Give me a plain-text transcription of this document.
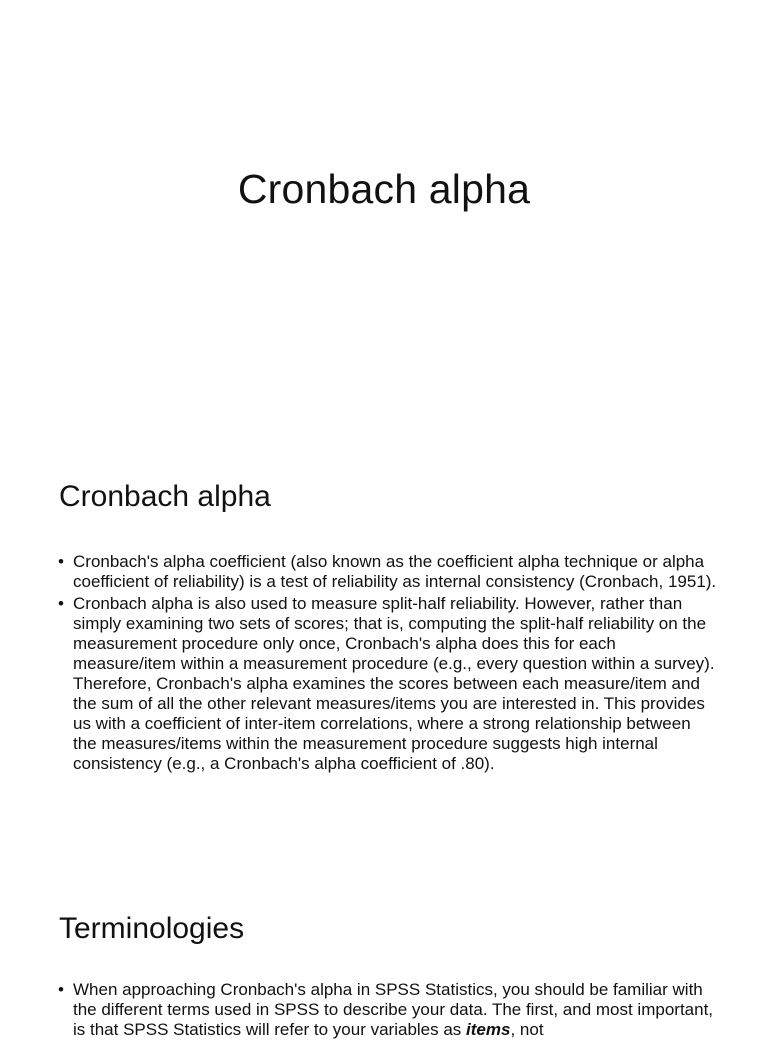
Cronbach alpha
Cronbach alpha
• Cronbach's alpha coefficient (also known as the coefficient alpha technique or alpha coefficient of reliability) is a test of reliability as internal consistency (Cronbach, 1951).
• Cronbach alpha is also used to measure split-half reliability. However, rather than simply examining two sets of scores; that is, computing the split-half reliability on the measurement procedure only once, Cronbach's alpha does this for each measure/item within a measurement procedure (e.g., every question within a survey). Therefore, Cronbach's alpha examines the scores between each measure/item and the sum of all the other relevant measures/items you are interested in. This provides us with a coefficient of inter-item correlations, where a strong relationship between the measures/items within the measurement procedure suggests high internal consistency (e.g., a Cronbach's alpha coefficient of .80).
Terminologies
• When approaching Cronbach's alpha in SPSS Statistics, you should be familiar with the different terms used in SPSS to describe your data. The first, and most important, is that SPSS Statistics will refer to your variables as items, not
